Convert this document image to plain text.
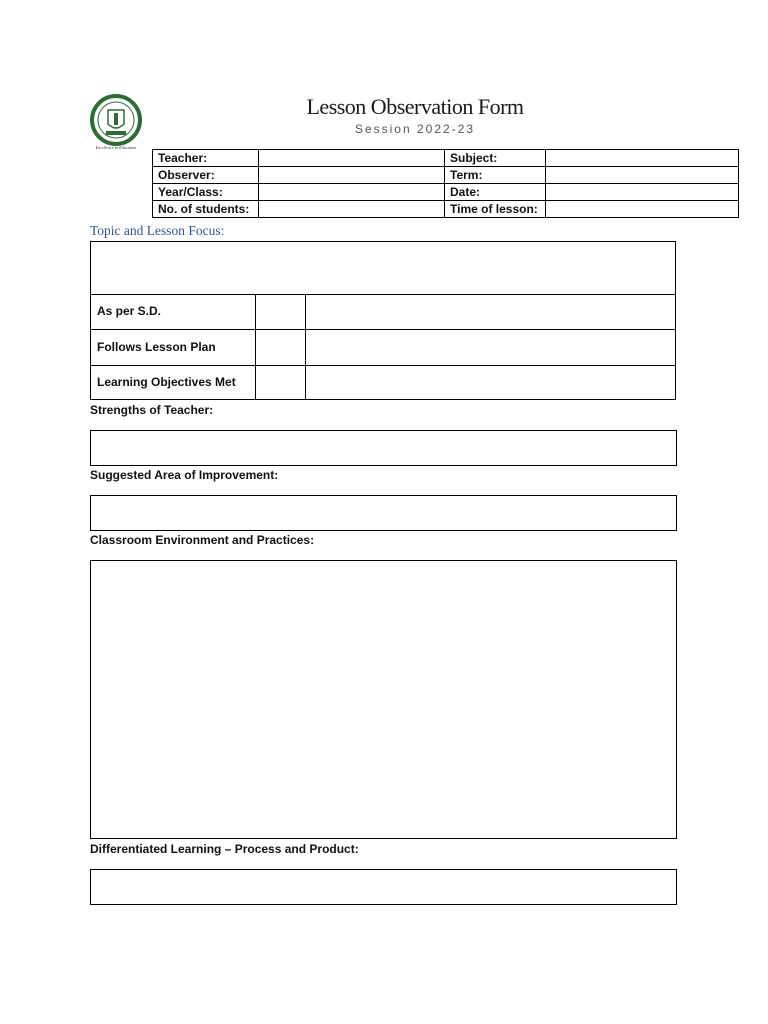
Excellence in Education
Lesson Observation Form
Session 2022-23
Teacher:		Subject:	
Observer:		Term:	
Year/Class:		Date:	
No. of students:		Time of lesson:	
Topic and Lesson Focus:
As per S.D.
Follows Lesson Plan
Learning Objectives Met
Strengths of Teacher:
Suggested Area of Improvement:
Classroom Environment and Practices:
Differentiated Learning – Process and Product:
